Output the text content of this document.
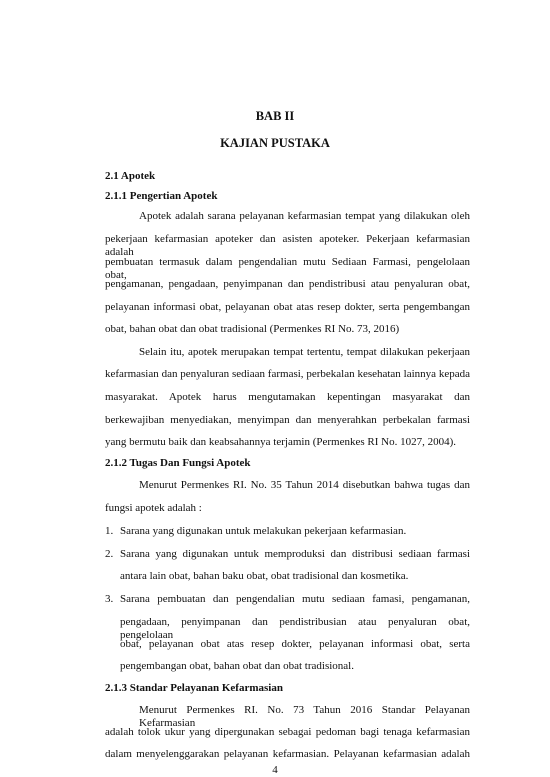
BAB II
KAJIAN PUSTAKA
2.1 Apotek
2.1.1 Pengertian Apotek
Apotek adalah sarana pelayanan kefarmasian tempat yang dilakukan oleh
pekerjaan kefarmasian apoteker dan asisten apoteker. Pekerjaan kefarmasian adalah
pembuatan termasuk dalam pengendalian mutu Sediaan Farmasi, pengelolaan obat,
pengamanan, pengadaan, penyimpanan dan pendistribusi atau penyaluran obat,
pelayanan informasi obat, pelayanan obat atas resep dokter, serta pengembangan
obat, bahan obat dan obat tradisional (Permenkes RI No. 73, 2016)
Selain itu, apotek merupakan tempat tertentu, tempat dilakukan pekerjaan
kefarmasian dan penyaluran sediaan farmasi, perbekalan kesehatan lainnya kepada
masyarakat. Apotek harus mengutamakan kepentingan masyarakat dan
berkewajiban menyediakan, menyimpan dan menyerahkan perbekalan farmasi
yang bermutu baik dan keabsahannya terjamin (Permenkes RI No. 1027, 2004).
2.1.2 Tugas Dan Fungsi Apotek
Menurut Permenkes RI. No. 35 Tahun 2014 disebutkan bahwa tugas dan
fungsi apotek adalah :
1. Sarana yang digunakan untuk melakukan pekerjaan kefarmasian.
2. Sarana yang digunakan untuk memproduksi dan distribusi sediaan farmasi
antara lain obat, bahan baku obat, obat tradisional dan kosmetika.
3. Sarana pembuatan dan pengendalian mutu sediaan famasi, pengamanan,
pengadaan, penyimpanan dan pendistribusian atau penyaluran obat, pengelolaan
obat, pelayanan obat atas resep dokter, pelayanan informasi obat, serta
pengembangan obat, bahan obat dan obat tradisional.
2.1.3 Standar Pelayanan Kefarmasian
Menurut Permenkes RI. No. 73 Tahun 2016 Standar Pelayanan Kefarmasian
adalah tolok ukur yang dipergunakan sebagai pedoman bagi tenaga kefarmasian
dalam menyelenggarakan pelayanan kefarmasian. Pelayanan kefarmasian adalah
4
